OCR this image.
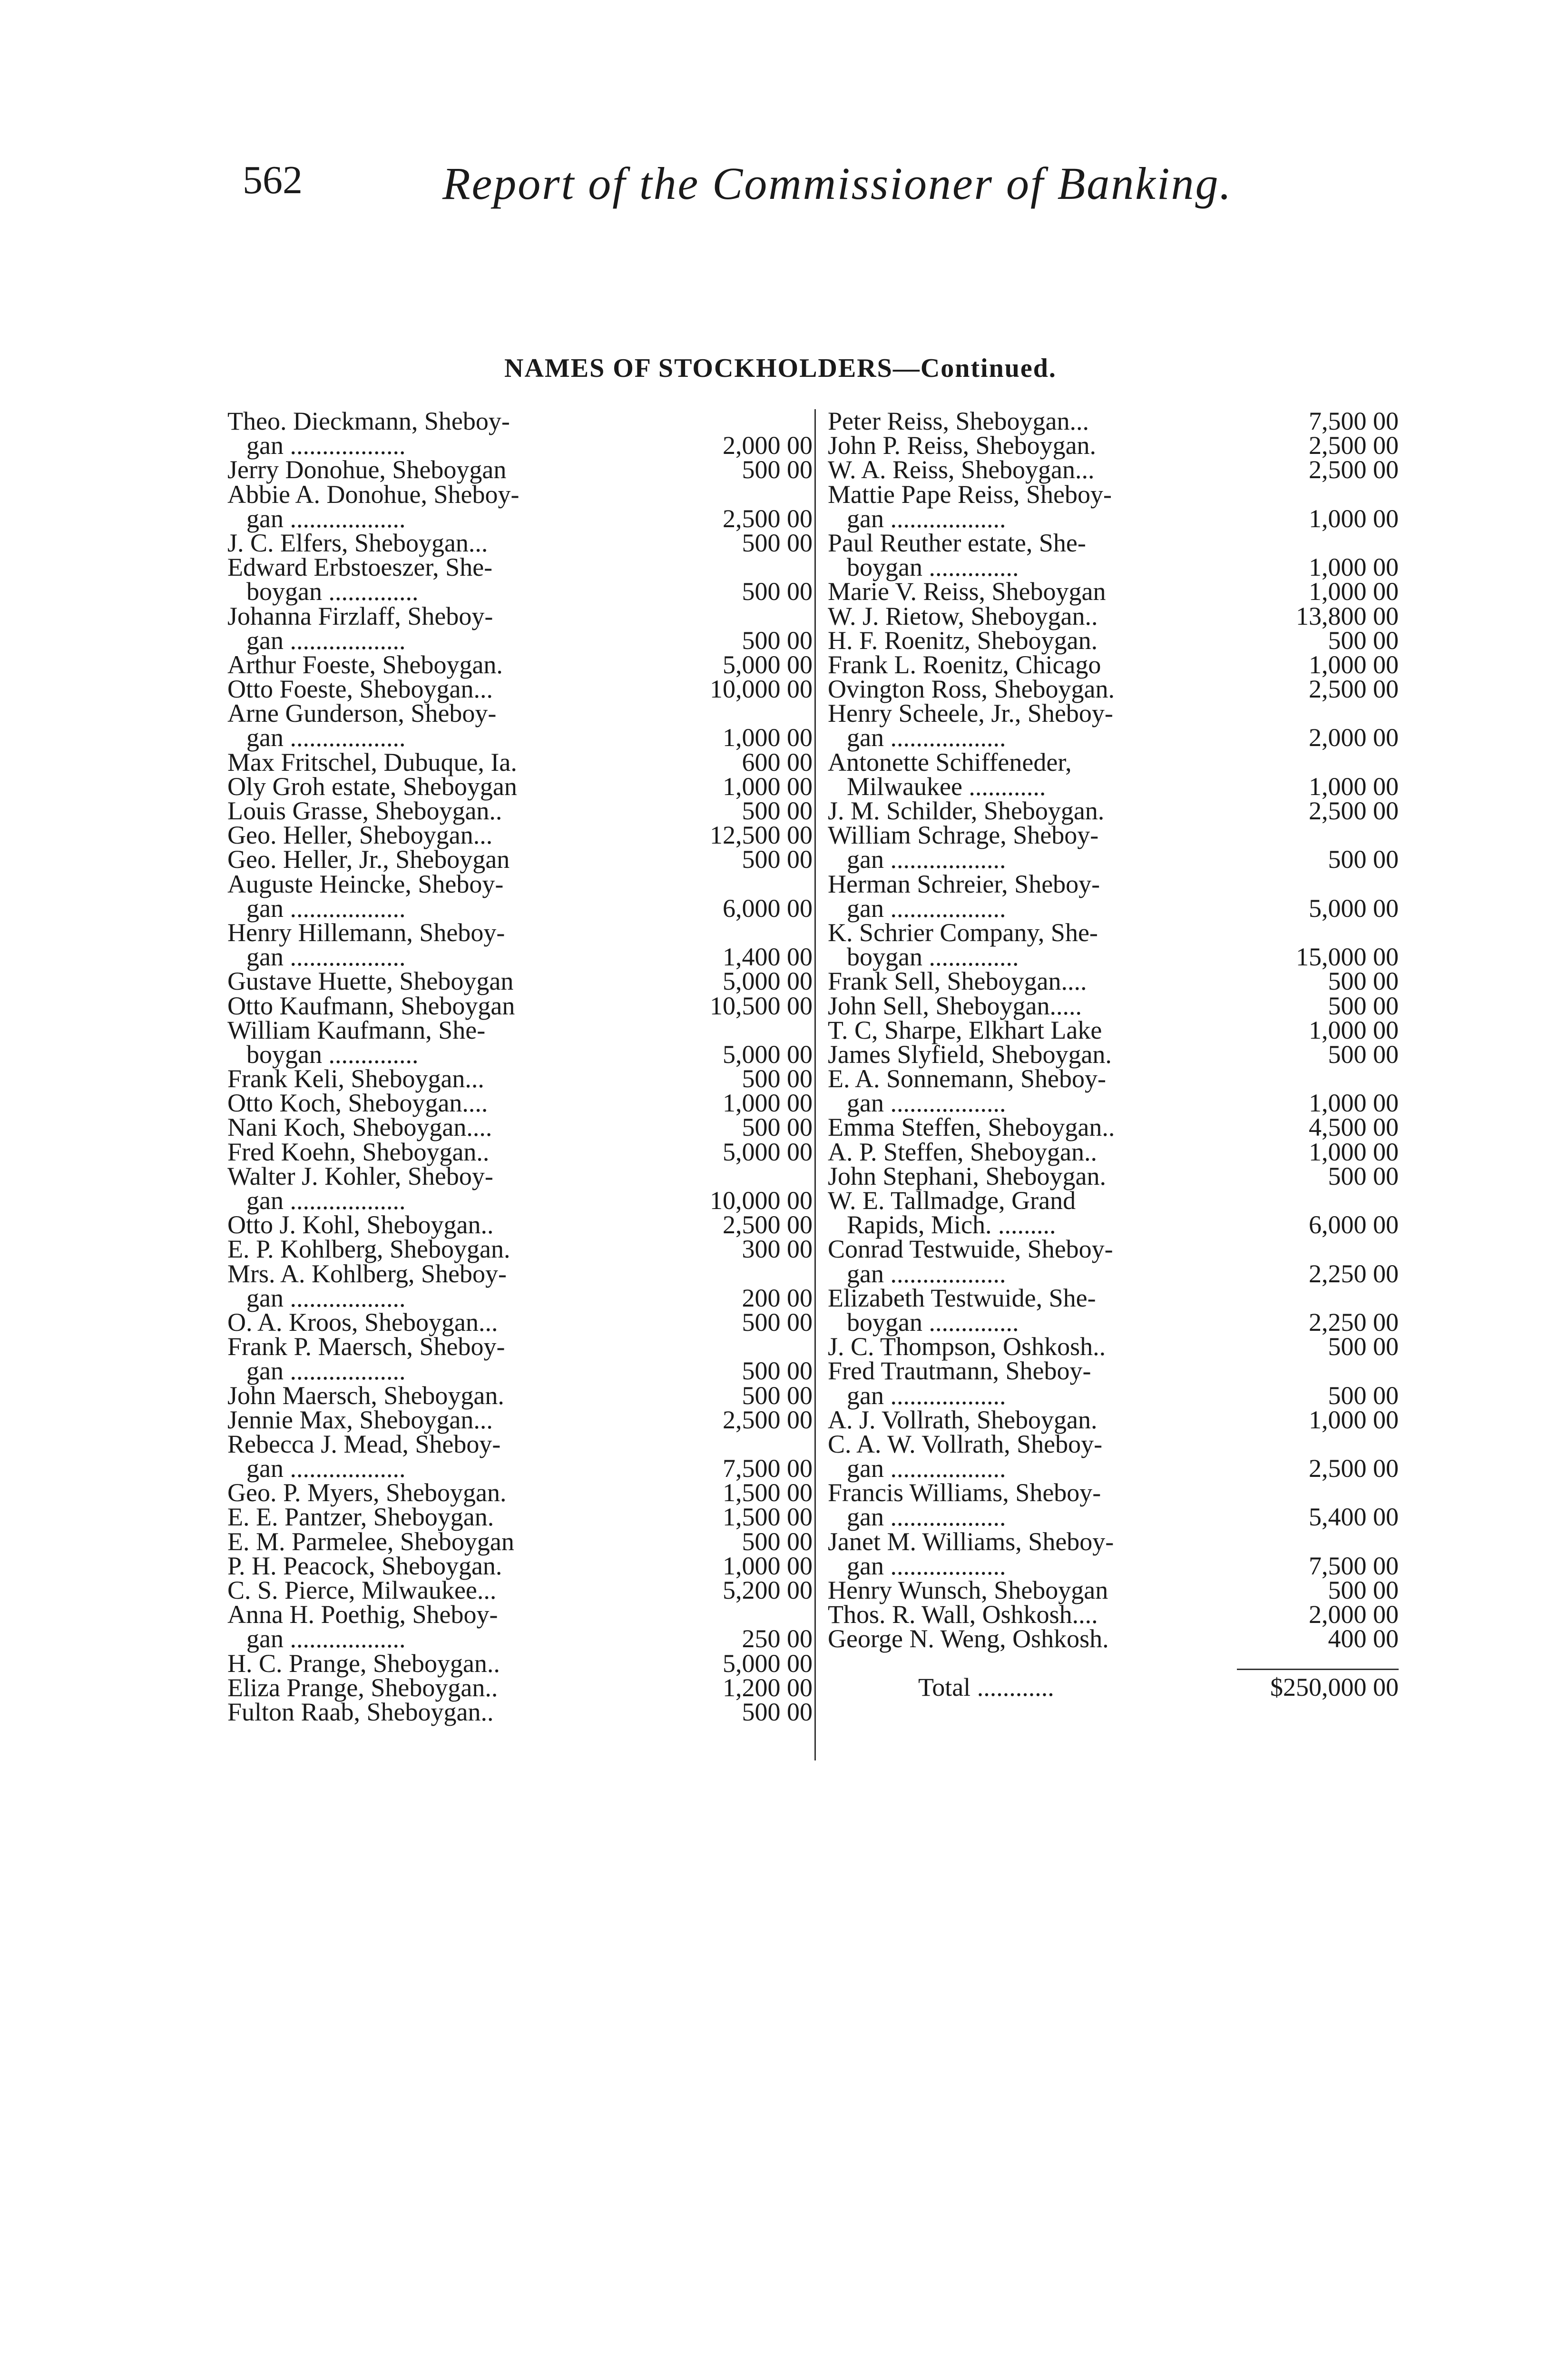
562	Report of the Commissioner of Banking.
NAMES OF STOCKHOLDERS—Continued.
Theo. Dieckmann, Sheboy-
gan ..................	2,000 00
Jerry Donohue, Sheboygan	500 00
Abbie A. Donohue, Sheboy-
gan ..................	2,500 00
J. C. Elfers, Sheboygan...	500 00
Edward Erbstoeszer, She-
boygan ..............	500 00
Johanna Firzlaff, Sheboy-
gan ..................	500 00
Arthur Foeste, Sheboygan.	5,000 00
Otto Foeste, Sheboygan...	10,000 00
Arne Gunderson, Sheboy-
gan ..................	1,000 00
Max Fritschel, Dubuque, Ia.	600 00
Oly Groh estate, Sheboygan	1,000 00
Louis Grasse, Sheboygan..	500 00
Geo. Heller, Sheboygan...	12,500 00
Geo. Heller, Jr., Sheboygan	500 00
Auguste Heincke, Sheboy-
gan ..................	6,000 00
Henry Hillemann, Sheboy-
gan ..................	1,400 00
Gustave Huette, Sheboygan	5,000 00
Otto Kaufmann, Sheboygan	10,500 00
William Kaufmann, She-
boygan ..............	5,000 00
Frank Keli, Sheboygan...	500 00
Otto Koch, Sheboygan....	1,000 00
Nani Koch, Sheboygan....	500 00
Fred Koehn, Sheboygan..	5,000 00
Walter J. Kohler, Sheboy-
gan ..................	10,000 00
Otto J. Kohl, Sheboygan..	2,500 00
E. P. Kohlberg, Sheboygan.	300 00
Mrs. A. Kohlberg, Sheboy-
gan ..................	200 00
O. A. Kroos, Sheboygan...	500 00
Frank P. Maersch, Sheboy-
gan ..................	500 00
John Maersch, Sheboygan.	500 00
Jennie Max, Sheboygan...	2,500 00
Rebecca J. Mead, Sheboy-
gan ..................	7,500 00
Geo. P. Myers, Sheboygan.	1,500 00
E. E. Pantzer, Sheboygan.	1,500 00
E. M. Parmelee, Sheboygan	500 00
P. H. Peacock, Sheboygan.	1,000 00
C. S. Pierce, Milwaukee...	5,200 00
Anna H. Poethig, Sheboy-
gan ..................	250 00
H. C. Prange, Sheboygan..	5,000 00
Eliza Prange, Sheboygan..	1,200 00
Fulton Raab, Sheboygan..	500 00
Peter Reiss, Sheboygan...	7,500 00
John P. Reiss, Sheboygan.	2,500 00
W. A. Reiss, Sheboygan...	2,500 00
Mattie Pape Reiss, Sheboy-
gan ..................	1,000 00
Paul Reuther estate, She-
boygan ..............	1,000 00
Marie V. Reiss, Sheboygan	1,000 00
W. J. Rietow, Sheboygan..	13,800 00
H. F. Roenitz, Sheboygan.	500 00
Frank L. Roenitz, Chicago	1,000 00
Ovington Ross, Sheboygan.	2,500 00
Henry Scheele, Jr., Sheboy-
gan ..................	2,000 00
Antonette Schiffeneder,
Milwaukee ............	1,000 00
J. M. Schilder, Sheboygan.	2,500 00
William Schrage, Sheboy-
gan ..................	500 00
Herman Schreier, Sheboy-
gan ..................	5,000 00
K. Schrier Company, She-
boygan ..............	15,000 00
Frank Sell, Sheboygan....	500 00
John Sell, Sheboygan.....	500 00
T. C, Sharpe, Elkhart Lake	1,000 00
James Slyfield, Sheboygan.	500 00
E. A. Sonnemann, Sheboy-
gan ..................	1,000 00
Emma Steffen, Sheboygan..	4,500 00
A. P. Steffen, Sheboygan..	1,000 00
John Stephani, Sheboygan.	500 00
W. E. Tallmadge, Grand
Rapids, Mich. .........	6,000 00
Conrad Testwuide, Sheboy-
gan ..................	2,250 00
Elizabeth Testwuide, She-
boygan ..............	2,250 00
J. C. Thompson, Oshkosh..	500 00
Fred Trautmann, Sheboy-
gan ..................	500 00
A. J. Vollrath, Sheboygan.	1,000 00
C. A. W. Vollrath, Sheboy-
gan ..................	2,500 00
Francis Williams, Sheboy-
gan ..................	5,400 00
Janet M. Williams, Sheboy-
gan ..................	7,500 00
Henry Wunsch, Sheboygan	500 00
Thos. R. Wall, Oshkosh....	2,000 00
George N. Weng, Oshkosh.	400 00
Total ............	$250,000 00
